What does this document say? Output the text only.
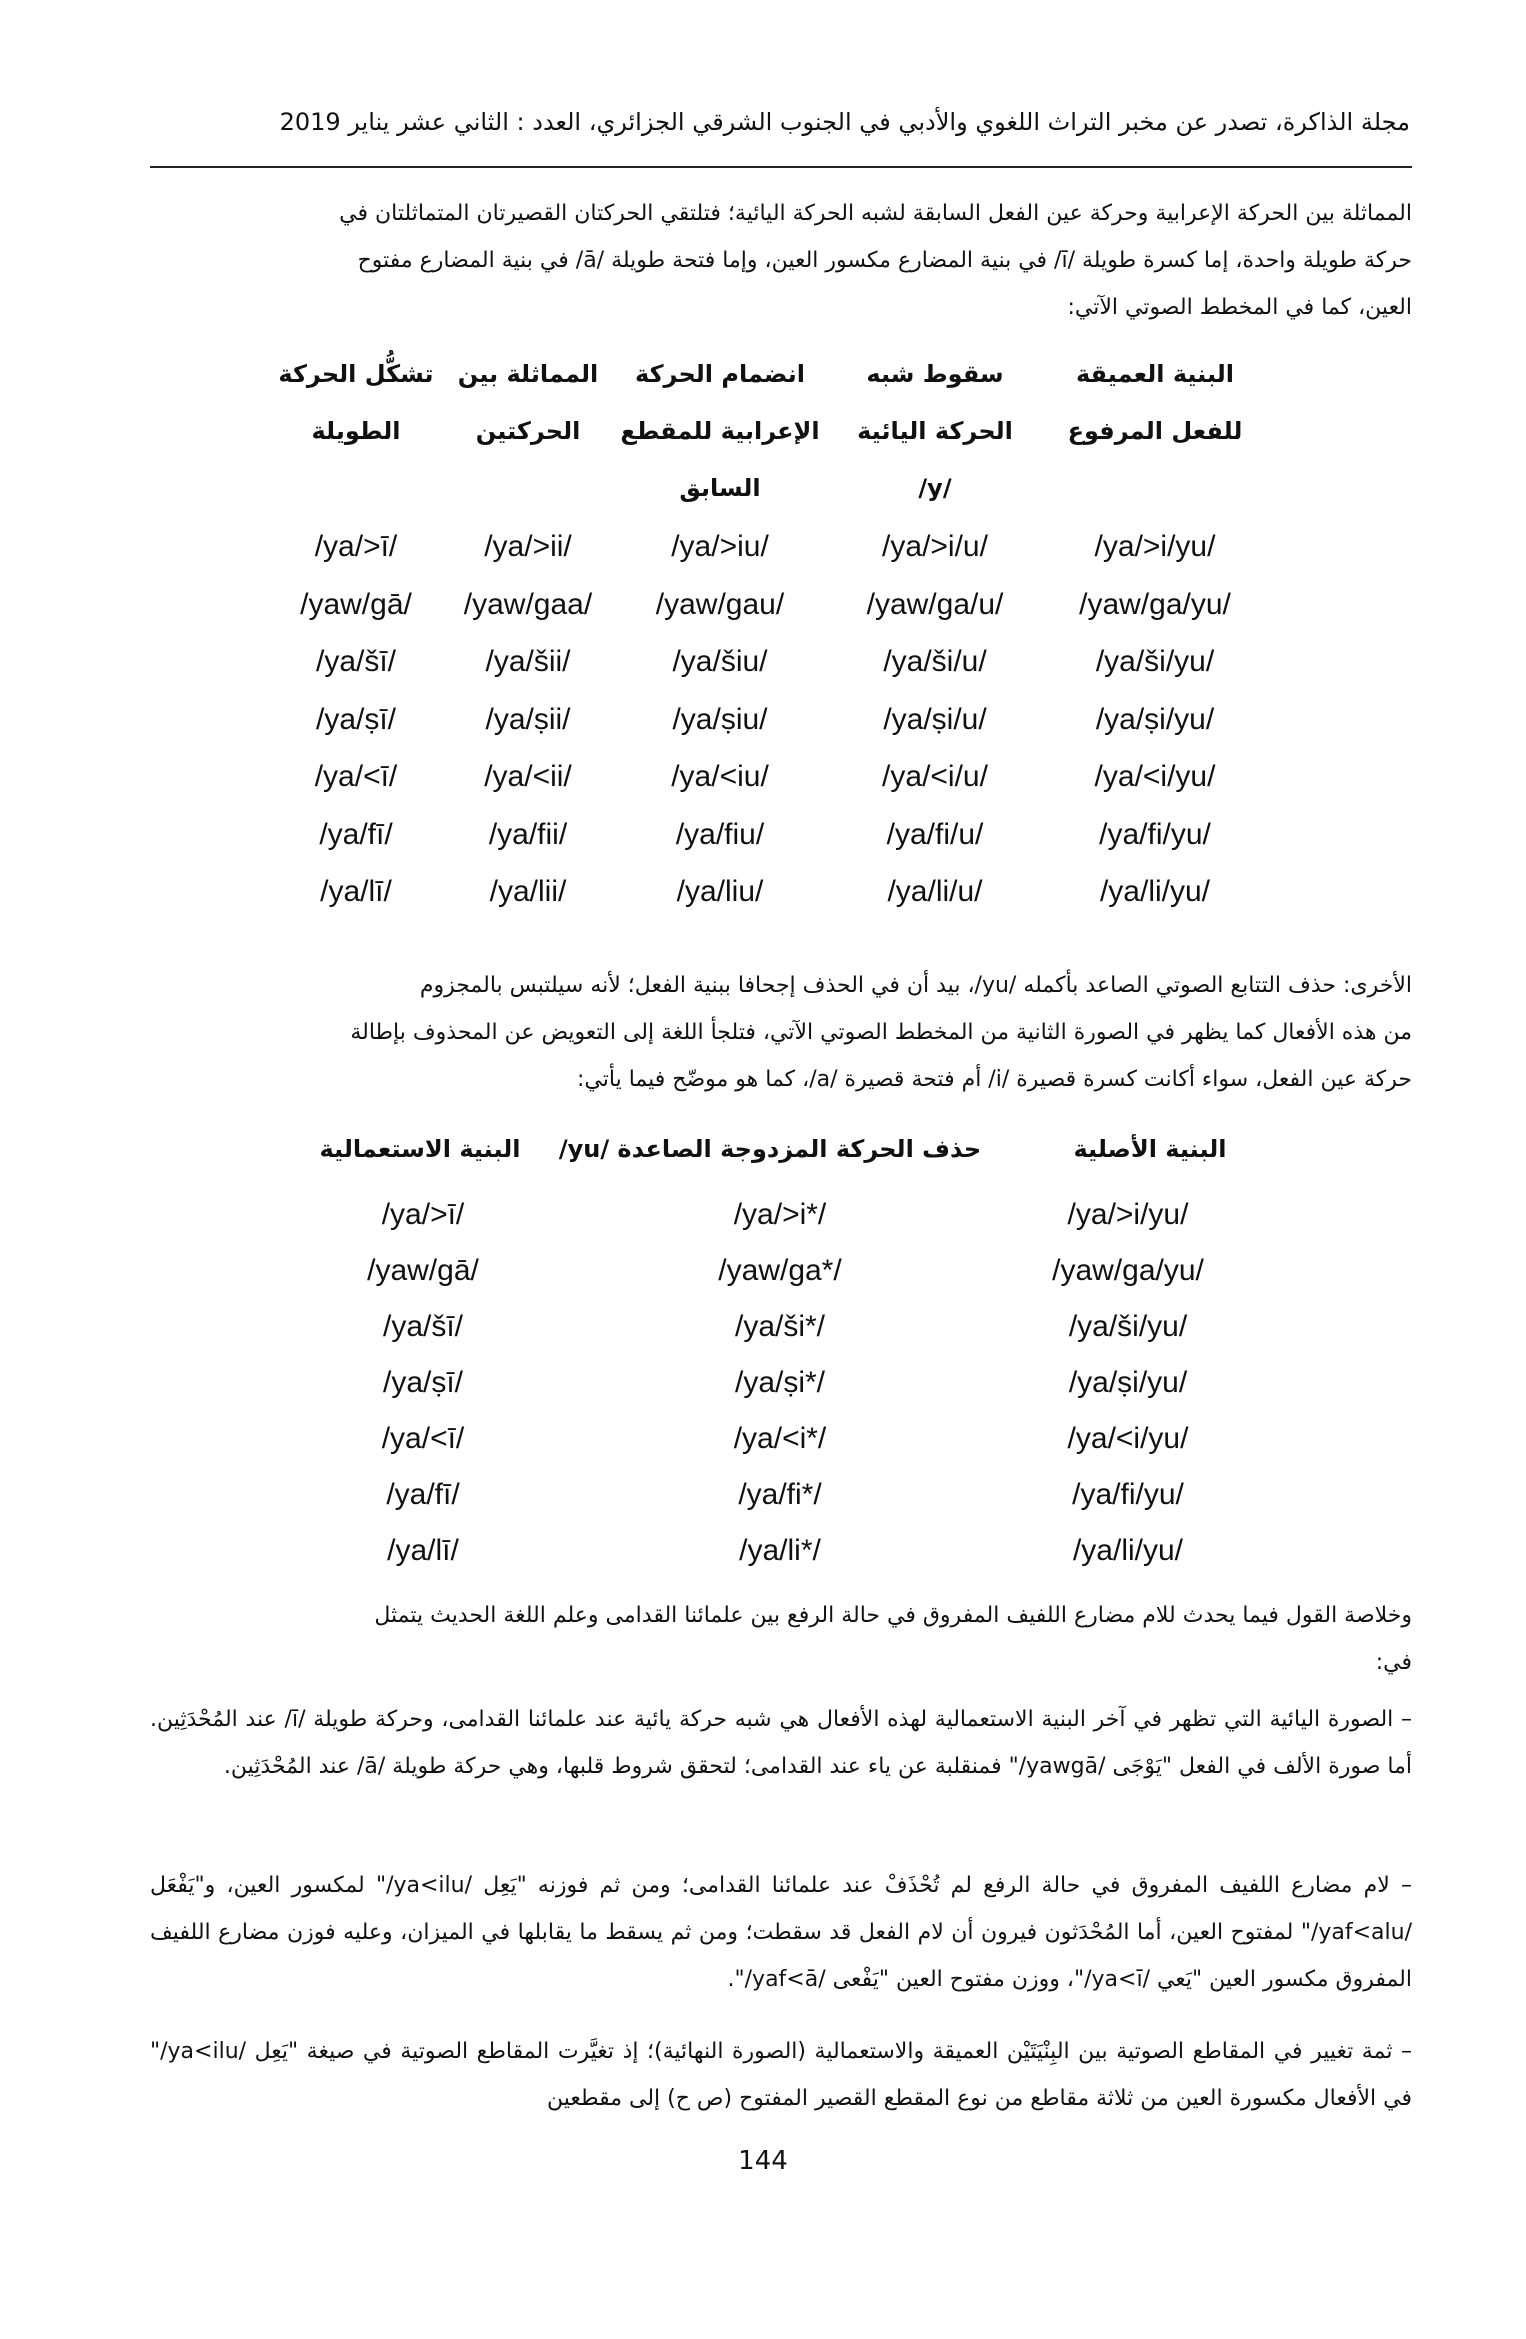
مجلة الذاكرة، تصدر عن مخبر التراث اللغوي والأدبي في الجنوب الشرقي الجزائري، العدد : الثاني عشر يناير 2019

المماثلة بين الحركة الإعرابية وحركة عين الفعل السابقة لشبه الحركة اليائية؛ فتلتقي الحركتان القصيرتان المتماثلتان في

حركة طويلة واحدة، إما كسرة طويلة /ī/ في بنية المضارع مكسور العين، وإما فتحة طويلة /ā/ في بنية المضارع مفتوح

العين، كما في المخطط الصوتي الآتي:

البنية العميقة
للفعل المرفوع
سقوط شبه
الحركة اليائية
/y/
انضمام الحركة
الإعرابية للمقطع
السابق
المماثلة بين
الحركتين
تشكُّل الحركة
الطويلة
/ya/>i/yu/
/ya/>i/u/
/ya/>iu/
/ya/>ii/
/ya/>ī/
/yaw/ga/yu/
/yaw/ga/u/
/yaw/gau/
/yaw/gaa/
/yaw/gā/
/ya/ši/yu/
/ya/ši/u/
/ya/šiu/
/ya/šii/
/ya/šī/
/ya/ṣi/yu/
/ya/ṣi/u/
/ya/ṣiu/
/ya/ṣii/
/ya/ṣī/
/ya/<i/yu/
/ya/<i/u/
/ya/<iu/
/ya/<ii/
/ya/<ī/
/ya/fi/yu/
/ya/fi/u/
/ya/fiu/
/ya/fii/
/ya/fī/
/ya/li/yu/
/ya/li/u/
/ya/liu/
/ya/lii/
/ya/lī/

الأخرى: حذف التتابع الصوتي الصاعد بأكمله /yu/، بيد أن في الحذف إجحافا ببنية الفعل؛ لأنه سيلتبس بالمجزوم

من هذه الأفعال كما يظهر في الصورة الثانية من المخطط الصوتي الآتي، فتلجأ اللغة إلى التعويض عن المحذوف بإطالة

حركة عين الفعل، سواء أكانت كسرة قصيرة /i/ أم فتحة قصيرة /a/، كما هو موضّح فيما يأتي:

البنية الأصلية
حذف الحركة المزدوجة الصاعدة /yu/
البنية الاستعمالية
/ya/>i/yu/
/ya/>i*/
/ya/>ī/
/yaw/ga/yu/
/yaw/ga*/
/yaw/gā/
/ya/ši/yu/
/ya/ši*/
/ya/šī/
/ya/ṣi/yu/
/ya/ṣi*/
/ya/ṣī/
/ya/<i/yu/
/ya/<i*/
/ya/<ī/
/ya/fi/yu/
/ya/fi*/
/ya/fī/
/ya/li/yu/
/ya/li*/
/ya/lī/

وخلاصة القول فيما يحدث للام مضارع اللفيف المفروق في حالة الرفع بين علمائنا القدامى وعلم اللغة الحديث يتمثل

في:

– الصورة اليائية التي تظهر في آخر البنية الاستعمالية لهذه الأفعال هي شبه حركة يائية عند علمائنا القدامى، وحركة طويلة /ī/ عند المُحْدَثِين. أما صورة الألف في الفعل "يَوْجَى /yawgā/" فمنقلبة عن ياء عند القدامى؛ لتحقق شروط قلبها، وهي حركة طويلة /ā/ عند المُحْدَثِين.
– لام مضارع اللفيف المفروق في حالة الرفع لم تُحْذَفْ عند علمائنا القدامى؛ ومن ثم فوزنه "يَعِل /ya<ilu/" لمكسور العين، و"يَفْعَل /yaf<alu/" لمفتوح العين، أما المُحْدَثون فيرون أن لام الفعل قد سقطت؛ ومن ثم يسقط ما يقابلها في الميزان، وعليه فوزن مضارع اللفيف المفروق مكسور العين "يَعي /ya<ī/"، ووزن مفتوح العين "يَفْعى /yaf<ā/".
– ثمة تغيير في المقاطع الصوتية بين البِنْيَتَيْن العميقة والاستعمالية (الصورة النهائية)؛ إذ تغيَّرت المقاطع الصوتية في صيغة "يَعِل /ya<ilu/" في الأفعال مكسورة العين من ثلاثة مقاطع من نوع المقطع القصير المفتوح (ص ح) إلى مقطعين
144
